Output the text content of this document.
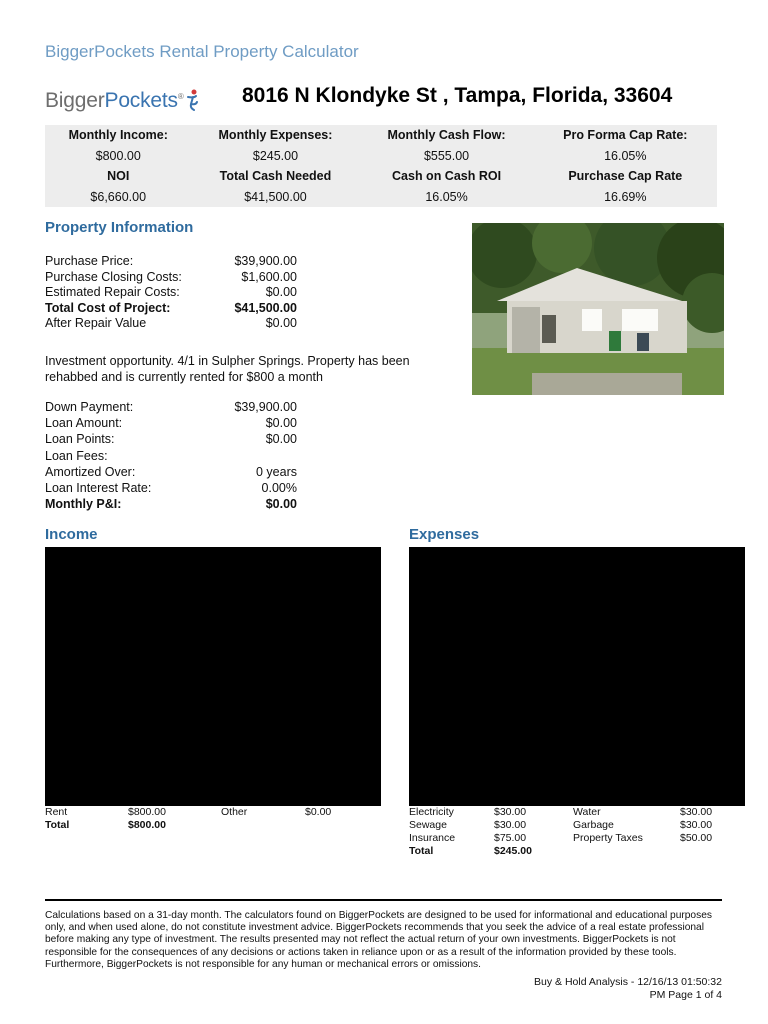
BiggerPockets Rental Property Calculator
BiggerPockets®	8016 N Klondyke St , Tampa, Florida, 33604
Monthly Income:	Monthly Expenses:	Monthly Cash Flow:	Pro Forma Cap Rate:
$800.00	$245.00	$555.00	16.05%
NOI	Total Cash Needed	Cash on Cash ROI	Purchase Cap Rate
$6,660.00	$41,500.00	16.05%	16.69%
Property Information
Purchase Price:	$39,900.00
Purchase Closing Costs:	$1,600.00
Estimated Repair Costs:	$0.00
Total Cost of Project:	$41,500.00
After Repair Value	$0.00
Investment opportunity. 4/1 in Sulpher Springs. Property has been rehabbed and is currently rented for $800 a month
Down Payment:	$39,900.00
Loan Amount:	$0.00
Loan Points:	$0.00
Loan Fees:
Amortized Over:	0 years
Loan Interest Rate:	0.00%
Monthly P&I:	$0.00
Income
Rent	$800.00	Other	$0.00
Total	$800.00
Expenses
Electricity	$30.00	Water	$30.00
Sewage	$30.00	Garbage	$30.00
Insurance	$75.00	Property Taxes	$50.00
Total	$245.00
Calculations based on a 31-day month. The calculators found on BiggerPockets are designed to be used for informational and educational purposes only, and when used alone, do not constitute investment advice. BiggerPockets recommends that you seek the advice of a real estate professional before making any type of investment. The results presented may not reflect the actual return of your own investments. BiggerPockets is not responsible for the consequences of any decisions or actions taken in reliance upon or as a result of the information provided by these tools. Furthermore, BiggerPockets is not responsible for any human or mechanical errors or omissions.
Buy & Hold Analysis - 12/16/13 01:50:32
PM Page 1 of 4
